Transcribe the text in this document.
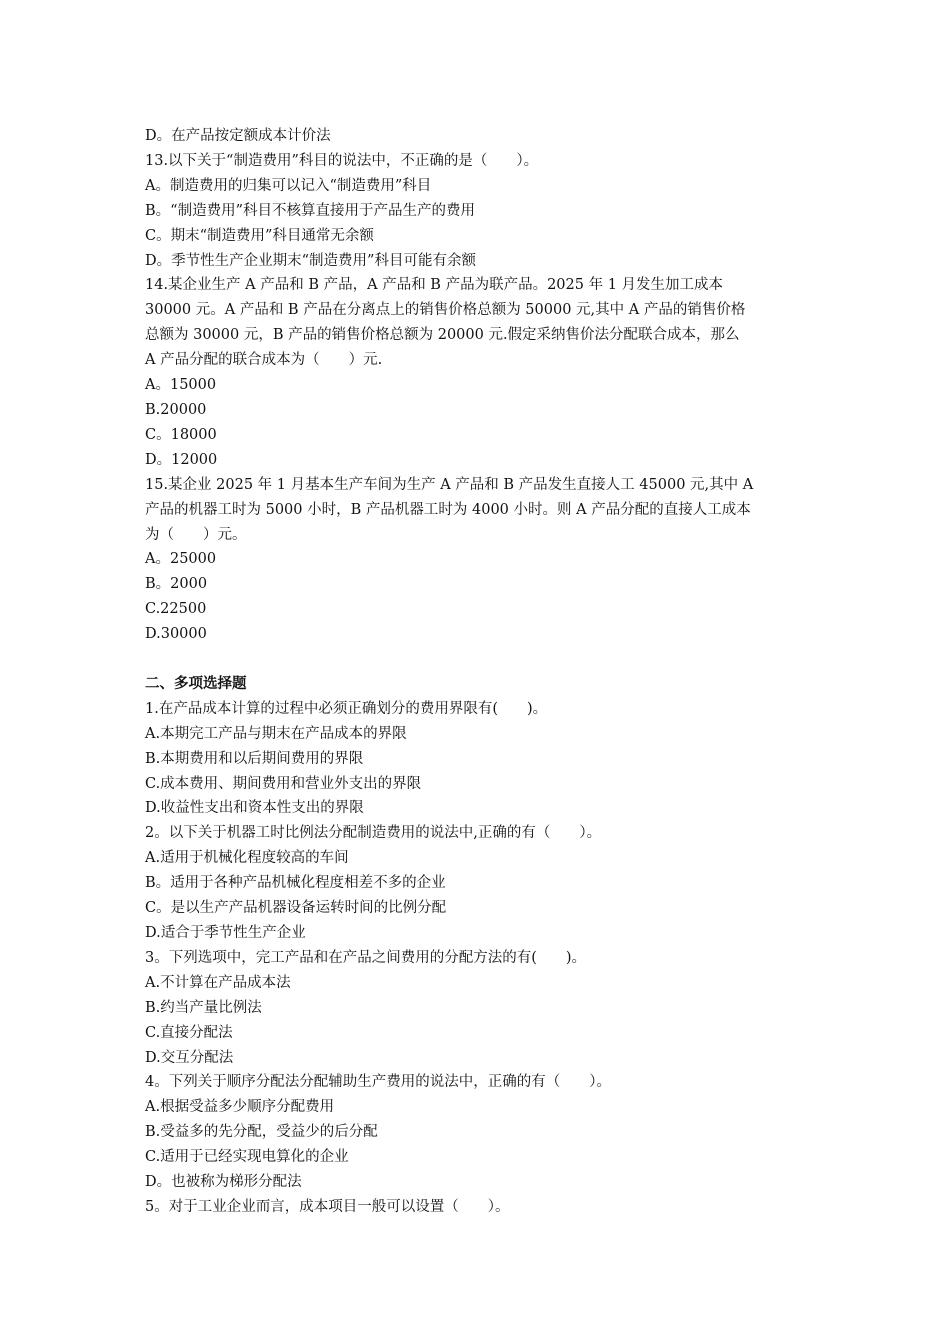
D。在产品按定额成本计价法
13.以下关于“制造费用”科目的说法中，不正确的是（　　）。
A。制造费用的归集可以记入“制造费用”科目
B。“制造费用”科目不核算直接用于产品生产的费用
C。期末“制造费用”科目通常无余额
D。季节性生产企业期末“制造费用”科目可能有余额
14.某企业生产 A 产品和 B 产品，A 产品和 B 产品为联产品。2025 年 1 月发生加工成本
30000 元。A 产品和 B 产品在分离点上的销售价格总额为 50000 元,其中 A 产品的销售价格
总额为 30000 元，B 产品的销售价格总额为 20000 元.假定采纳售价法分配联合成本，那么
A 产品分配的联合成本为（　　）元.
A。15000
B.20000
C。18000
D。12000
15.某企业 2025 年 1 月基本生产车间为生产 A 产品和 B 产品发生直接人工 45000 元,其中 A
产品的机器工时为 5000 小时，B 产品机器工时为 4000 小时。则 A 产品分配的直接人工成本
为（　　）元。
A。25000
B。2000
C.22500
D.30000
二、多项选择题
1.在产品成本计算的过程中必须正确划分的费用界限有(　　)。
A.本期完工产品与期末在产品成本的界限
B.本期费用和以后期间费用的界限
C.成本费用、期间费用和营业外支出的界限
D.收益性支出和资本性支出的界限
2。以下关于机器工时比例法分配制造费用的说法中,正确的有（　　）。
A.适用于机械化程度较高的车间
B。适用于各种产品机械化程度相差不多的企业
C。是以生产产品机器设备运转时间的比例分配
D.适合于季节性生产企业
3。下列选项中，完工产品和在产品之间费用的分配方法的有(　　)。
A.不计算在产品成本法
B.约当产量比例法
C.直接分配法
D.交互分配法
4。下列关于顺序分配法分配辅助生产费用的说法中，正确的有（　　）。
A.根据受益多少顺序分配费用
B.受益多的先分配，受益少的后分配
C.适用于已经实现电算化的企业
D。也被称为梯形分配法
5。对于工业企业而言，成本项目一般可以设置（　　）。
